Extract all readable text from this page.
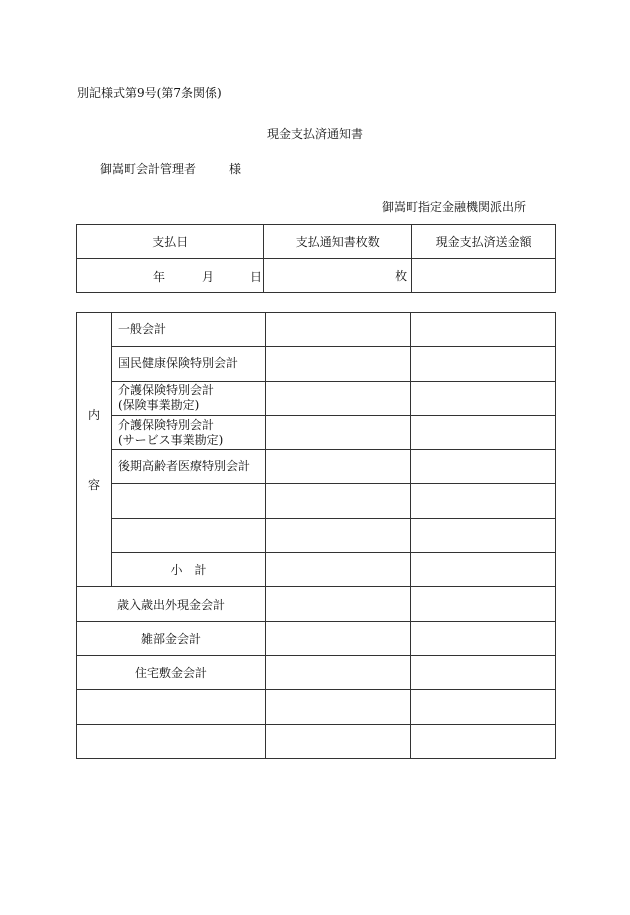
別記様式第9号(第7条関係)
現金支払済通知書
御嵩町会計管理者	様
御嵩町指定金融機関派出所
支払日	支払通知書枚数	現金支払済送金額

年 月 日	枚	
内
容	一般会計		
	国民健康保険特別会計		

	介護保険特別会計
(保険事業勘定)		

	介護保険特別会計
(サービス事業勘定)		

	後期高齢者医療特別会計		

	小　計		
歳入歳出外現金会計			
雑部金会計			
住宅敷金会計			
